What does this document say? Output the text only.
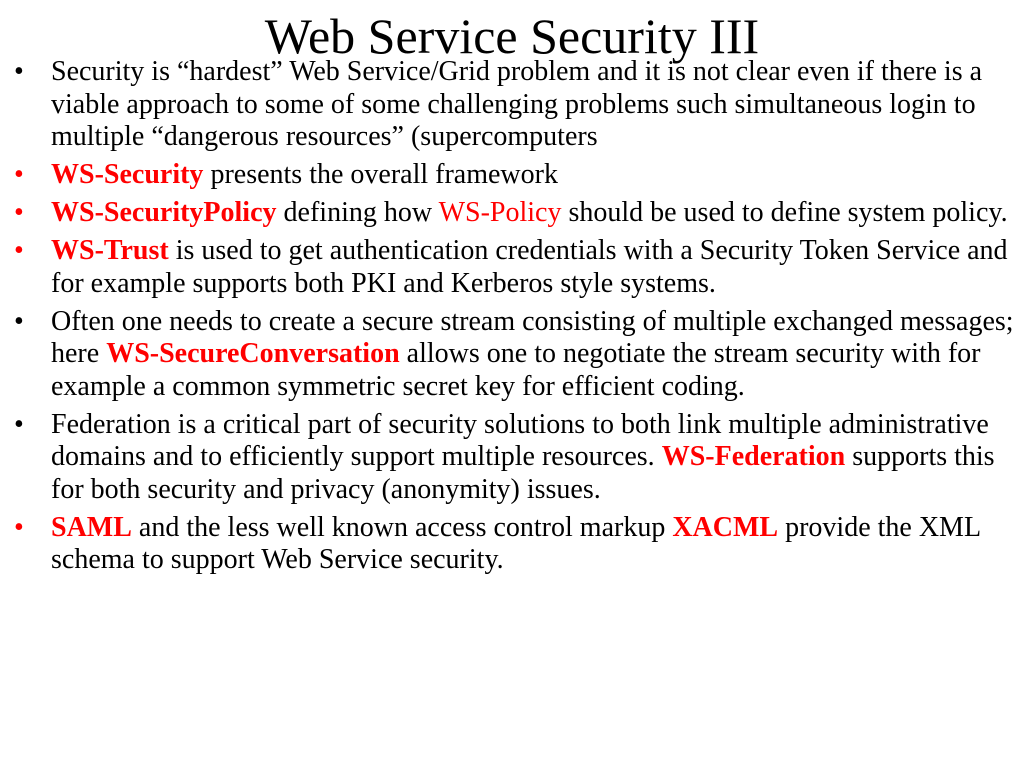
Web Service Security III
• Security is “hardest” Web Service/Grid problem and it is not clear even if there is a viable approach to some of some challenging problems such simultaneous login to multiple “dangerous resources” (supercomputers
• WS-Security presents the overall framework
• WS-SecurityPolicy defining how WS-Policy should be used to define system policy.
• WS-Trust is used to get authentication credentials with a Security Token Service and for example supports both PKI and Kerberos style systems.
• Often one needs to create a secure stream consisting of multiple exchanged messages; here WS-SecureConversation allows one to negotiate the stream security with for example a common symmetric secret key for efficient coding.
• Federation is a critical part of security solutions to both link multiple administrative domains and to efficiently support multiple resources. WS-Federation supports this for both security and privacy (anonymity) issues.
• SAML and the less well known access control markup XACML provide the XML schema to support Web Service security.
